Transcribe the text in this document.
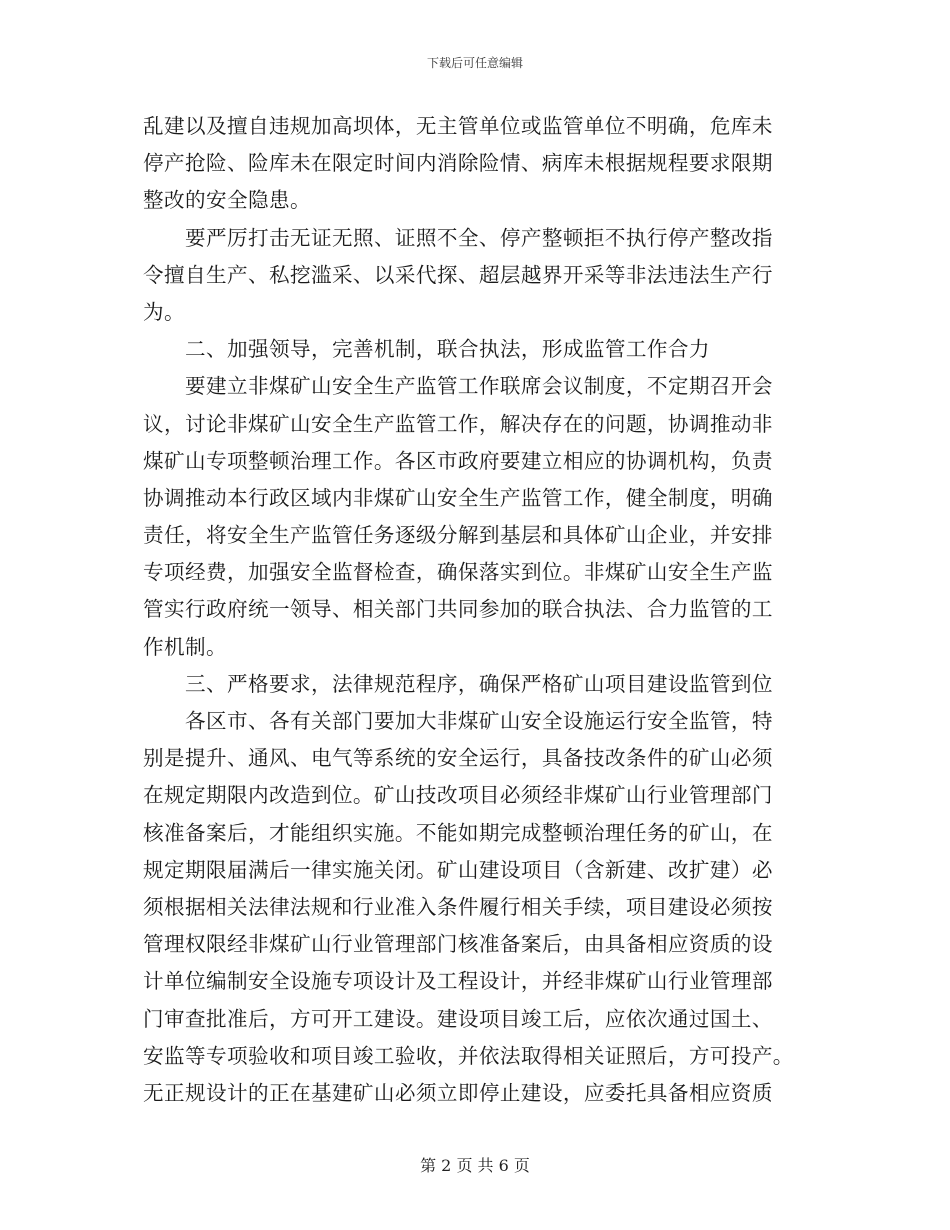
下载后可任意编辑
乱建以及擅自违规加高坝体，无主管单位或监管单位不明确，危库未
停产抢险、险库未在限定时间内消除险情、病库未根据规程要求限期
整改的安全隐患。
要严厉打击无证无照、证照不全、停产整顿拒不执行停产整改指
令擅自生产、私挖滥采、以采代探、超层越界开采等非法违法生产行
为。
二、加强领导，完善机制，联合执法，形成监管工作合力
要建立非煤矿山安全生产监管工作联席会议制度，不定期召开会
议，讨论非煤矿山安全生产监管工作，解决存在的问题，协调推动非
煤矿山专项整顿治理工作。各区市政府要建立相应的协调机构，负责
协调推动本行政区域内非煤矿山安全生产监管工作，健全制度，明确
责任，将安全生产监管任务逐级分解到基层和具体矿山企业，并安排
专项经费，加强安全监督检查，确保落实到位。非煤矿山安全生产监
管实行政府统一领导、相关部门共同参加的联合执法、合力监管的工
作机制。
三、严格要求，法律规范程序，确保严格矿山项目建设监管到位
各区市、各有关部门要加大非煤矿山安全设施运行安全监管，特
别是提升、通风、电气等系统的安全运行，具备技改条件的矿山必须
在规定期限内改造到位。矿山技改项目必须经非煤矿山行业管理部门
核准备案后，才能组织实施。不能如期完成整顿治理任务的矿山，在
规定期限届满后一律实施关闭。矿山建设项目（含新建、改扩建）必
须根据相关法律法规和行业准入条件履行相关手续，项目建设必须按
管理权限经非煤矿山行业管理部门核准备案后，由具备相应资质的设
计单位编制安全设施专项设计及工程设计，并经非煤矿山行业管理部
门审查批准后，方可开工建设。建设项目竣工后，应依次通过国土、
安监等专项验收和项目竣工验收，并依法取得相关证照后，方可投产。
无正规设计的正在基建矿山必须立即停止建设，应委托具备相应资质
第 2 页 共 6 页
